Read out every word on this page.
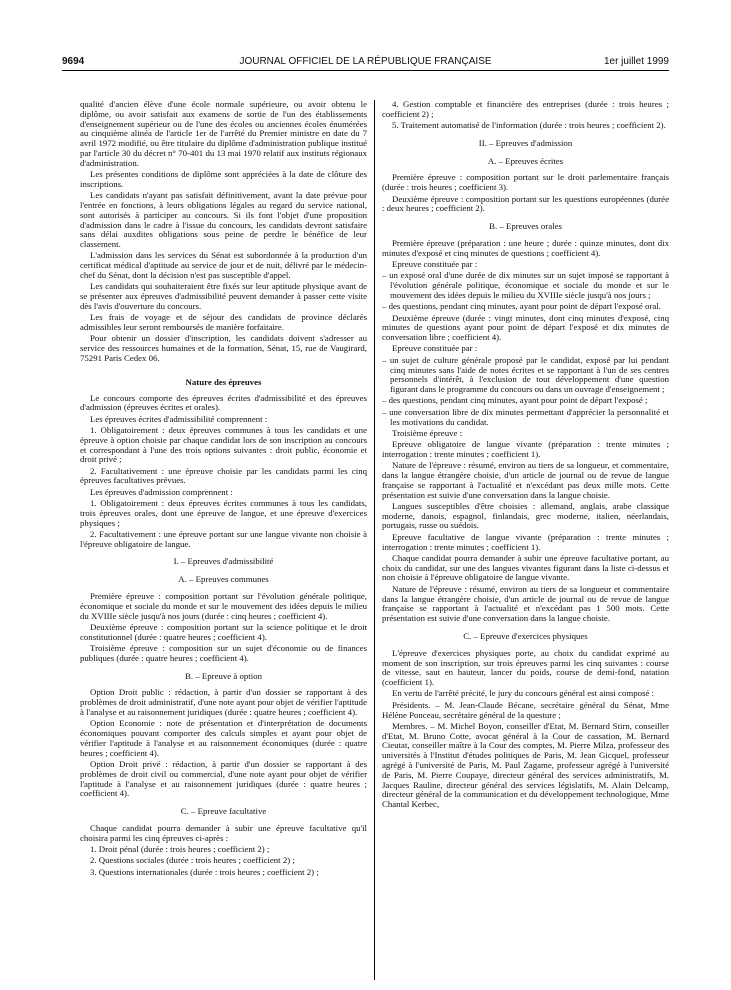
9694	JOURNAL OFFICIEL DE LA RÉPUBLIQUE FRANÇAISE	1er juillet 1999

qualité d'ancien élève d'une école normale supérieure, ou avoir obtenu le diplôme, ou avoir satisfait aux examens de sortie de l'un des établissements d'enseignement supérieur ou de l'une des écoles ou anciennes écoles énumérées au cinquième alinéa de l'article 1er de l'arrêté du Premier ministre en date du 7 avril 1972 modifié, ou être titulaire du diplôme d'administration publique institué par l'article 30 du décret n° 70-401 du 13 mai 1970 relatif aux instituts régionaux d'administration.

Les présentes conditions de diplôme sont appréciées à la date de clôture des inscriptions.

Les candidats n'ayant pas satisfait définitivement, avant la date prévue pour l'entrée en fonctions, à leurs obligations légales au regard du service national, sont autorisés à participer au concours. Si ils font l'objet d'une proposition d'admission dans le cadre à l'issue du concours, les candidats devront satisfaire sans délai auxdites obligations sous peine de perdre le bénéfice de leur classement.

L'admission dans les services du Sénat est subordonnée à la production d'un certificat médical d'aptitude au service de jour et de nuit, délivré par le médecin-chef du Sénat, dont la décision n'est pas susceptible d'appel.

Les candidats qui souhaiteraient être fixés sur leur aptitude physique avant de se présenter aux épreuves d'admissibilité peuvent demander à passer cette visite dès l'avis d'ouverture du concours.

Les frais de voyage et de séjour des candidats de province déclarés admissibles leur seront remboursés de manière forfaitaire.

Pour obtenir un dossier d'inscription, les candidats doivent s'adresser au service des ressources humaines et de la formation, Sénat, 15, rue de Vaugirard, 75291 Paris Cedex 06.

Nature des épreuves

Le concours comporte des épreuves écrites d'admissibilité et des épreuves d'admission (épreuves écrites et orales).

Les épreuves écrites d'admissibilité comprennent :

1. Obligatoirement : deux épreuves communes à tous les candidats et une épreuve à option choisie par chaque candidat lors de son inscription au concours et correspondant à l'une des trois options suivantes : droit public, économie et droit privé ;

2. Facultativement : une épreuve choisie par les candidats parmi les cinq épreuves facultatives prévues.

Les épreuves d'admission comprennent :

1. Obligatoirement : deux épreuves écrites communes à tous les candidats, trois épreuves orales, dont une épreuve de langue, et une épreuve d'exercices physiques ;

2. Facultativement : une épreuve portant sur une langue vivante non choisie à l'épreuve obligatoire de langue.

I. – Epreuves d'admissibilité

A. – Epreuves communes

Première épreuve : composition portant sur l'évolution générale politique, économique et sociale du monde et sur le mouvement des idées depuis le milieu du XVIIIe siècle jusqu'à nos jours (durée : cinq heures ; coefficient 4).

Deuxième épreuve : composition portant sur la science politique et le droit constitutionnel (durée : quatre heures ; coefficient 4).

Troisième épreuve : composition sur un sujet d'économie ou de finances publiques (durée : quatre heures ; coefficient 4).

B. – Epreuve à option

Option Droit public : rédaction, à partir d'un dossier se rapportant à des problèmes de droit administratif, d'une note ayant pour objet de vérifier l'aptitude à l'analyse et au raisonnement juridiques (durée : quatre heures ; coefficient 4).

Option Economie : note de présentation et d'interprétation de documents économiques pouvant comporter des calculs simples et ayant pour objet de vérifier l'aptitude à l'analyse et au raisonnement économiques (durée : quatre heures ; coefficient 4).

Option Droit privé : rédaction, à partir d'un dossier se rapportant à des problèmes de droit civil ou commercial, d'une note ayant pour objet de vérifier l'aptitude à l'analyse et au raisonnement juridiques (durée : quatre heures ; coefficient 4).

C. – Epreuve facultative

Chaque candidat pourra demander à subir une épreuve facultative qu'il choisira parmi les cinq épreuves ci-après :

1. Droit pénal (durée : trois heures ; coefficient 2) ;

2. Questions sociales (durée : trois heures ; coefficient 2) ;

3. Questions internationales (durée : trois heures ; coefficient 2) ;

4. Gestion comptable et financière des entreprises (durée : trois heures ; coefficient 2) ;

5. Traitement automatisé de l'information (durée : trois heures ; coefficient 2).

II. – Epreuves d'admission

A. – Epreuves écrites

Première épreuve : composition portant sur le droit parlementaire français (durée : trois heures ; coefficient 3).

Deuxième épreuve : composition portant sur les questions européennes (durée : deux heures ; coefficient 2).

B. – Epreuves orales

Première épreuve (préparation : une heure ; durée : quinze minutes, dont dix minutes d'exposé et cinq minutes de questions ; coefficient 4).

Epreuve constituée par :

– un exposé oral d'une durée de dix minutes sur un sujet imposé se rapportant à l'évolution générale politique, économique et sociale du monde et sur le mouvement des idées depuis le milieu du XVIIIe siècle jusqu'à nos jours ;

– des questions, pendant cinq minutes, ayant pour point de départ l'exposé oral.

Deuxième épreuve (durée : vingt minutes, dont cinq minutes d'exposé, cinq minutes de questions ayant pour point de départ l'exposé et dix minutes de conversation libre ; coefficient 4).

Epreuve constituée par :

– un sujet de culture générale proposé par le candidat, exposé par lui pendant cinq minutes sans l'aide de notes écrites et se rapportant à l'un de ses centres personnels d'intérêt, à l'exclusion de tout développement d'une question figurant dans le programme du concours ou dans un ouvrage d'enseignement ;

– des questions, pendant cinq minutes, ayant pour point de départ l'exposé ;

– une conversation libre de dix minutes permettant d'apprécier la personnalité et les motivations du candidat.

Troisième épreuve :

Epreuve obligatoire de langue vivante (préparation : trente minutes ; interrogation : trente minutes ; coefficient 1).

Nature de l'épreuve : résumé, environ au tiers de sa longueur, et commentaire, dans la langue étrangère choisie, d'un article de journal ou de revue de langue française se rapportant à l'actualité et n'excédant pas deux mille mots. Cette présentation est suivie d'une conversation dans la langue choisie.

Langues susceptibles d'être choisies : allemand, anglais, arabe classique moderne, danois, espagnol, finlandais, grec moderne, italien, néerlandais, portugais, russe ou suédois.

Epreuve facultative de langue vivante (préparation : trente minutes ; interrogation : trente minutes ; coefficient 1).

Chaque candidat pourra demander à subir une épreuve facultative portant, au choix du candidat, sur une des langues vivantes figurant dans la liste ci-dessus et non choisie à l'épreuve obligatoire de langue vivante.

Nature de l'épreuve : résumé, environ au tiers de sa longueur et commentaire dans la langue étrangère choisie, d'un article de journal ou de revue de langue française se rapportant à l'actualité et n'excédant pas 1 500 mots. Cette présentation est suivie d'une conversation dans la langue choisie.

C. – Epreuve d'exercices physiques

L'épreuve d'exercices physiques porte, au choix du candidat exprimé au moment de son inscription, sur trois épreuves parmi les cinq suivantes : course de vitesse, saut en hauteur, lancer du poids, course de demi-fond, natation (coefficient 1).

En vertu de l'arrêté précité, le jury du concours général est ainsi composé :

Présidents. – M. Jean-Claude Bécane, secrétaire général du Sénat, Mme Hélène Ponceau, secrétaire général de la questure ;

Membres. – M. Michel Boyon, conseiller d'Etat, M. Bernard Stirn, conseiller d'Etat, M. Bruno Cotte, avocat général à la Cour de cassation, M. Bernard Cieutat, conseiller maître à la Cour des comptes, M. Pierre Milza, professeur des universités à l'Institut d'études politiques de Paris, M. Jean Gicquel, professeur agrégé à l'université de Paris, M. Paul Zagame, professeur agrégé à l'université de Paris, M. Pierre Coupaye, directeur général des services administratifs, M. Jacques Rauline, directeur général des services législatifs, M. Alain Delcamp, directeur général de la communication et du développement technologique, Mme Chantal Kerbec,
